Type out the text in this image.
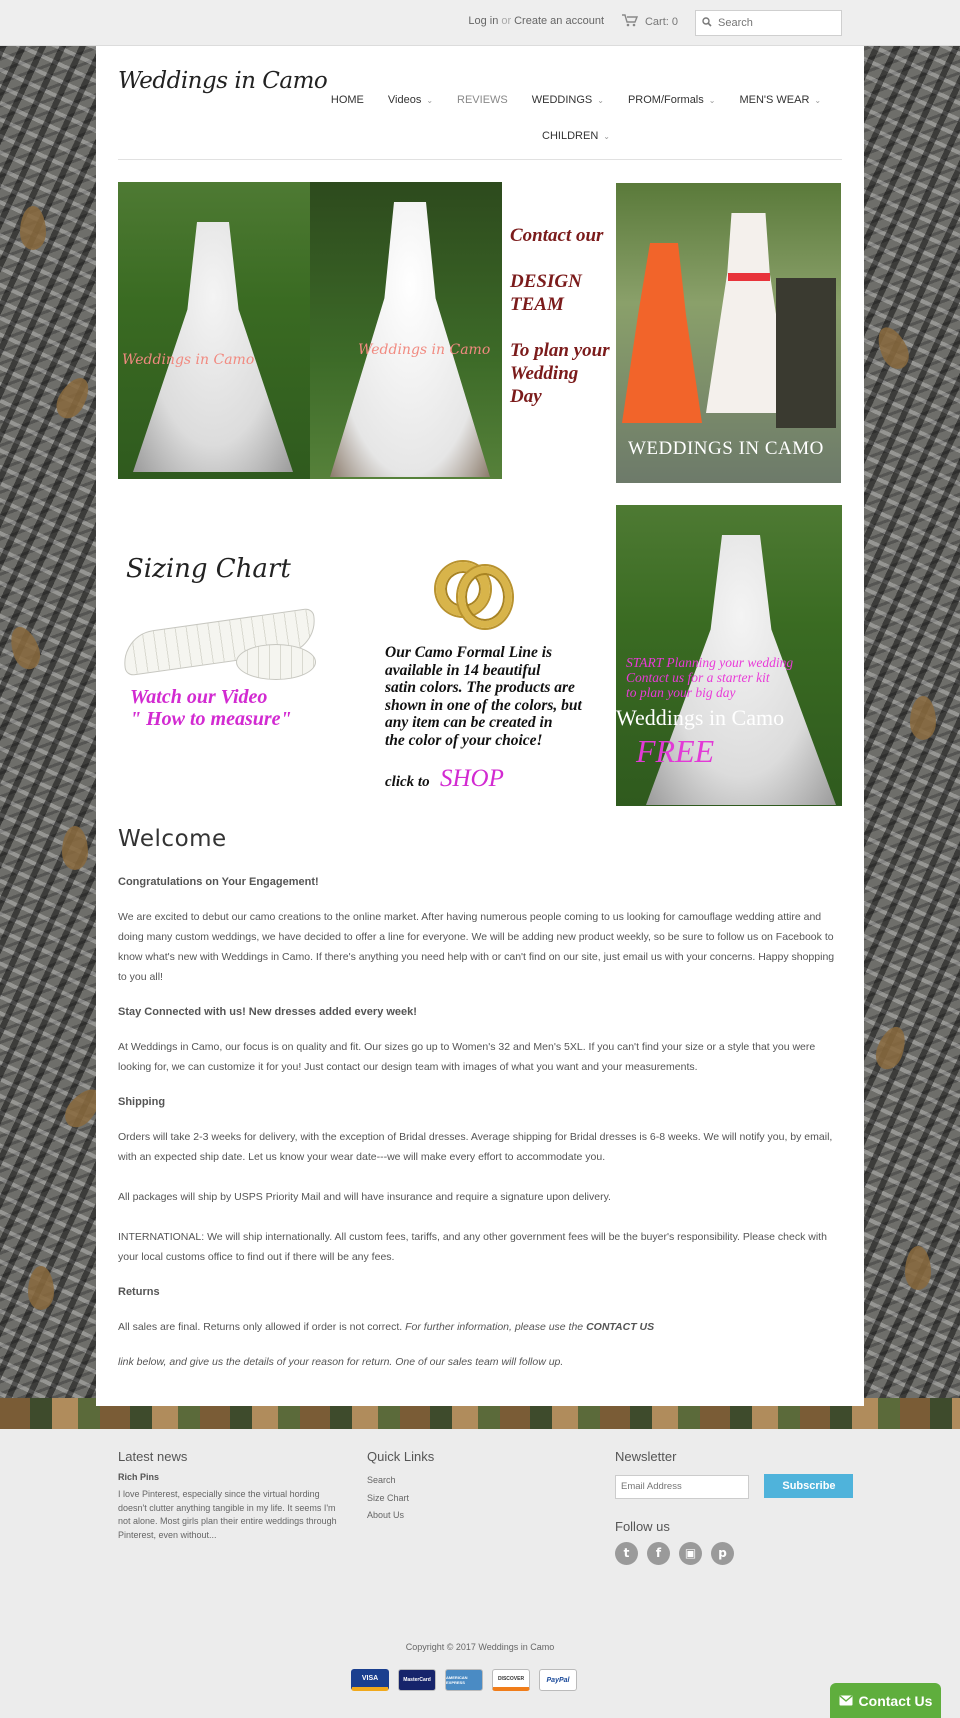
Log in or Create an account	Cart: 0
Search
Weddings in Camo
HOME Videos ⌄ REVIEWS WEDDINGS ⌄ PROM/Formals ⌄ MEN'S WEAR ⌄
CHILDREN ⌄
Weddings in Camo
Weddings in Camo
Contact our

DESIGN
TEAM

To plan your
Wedding
Day
WEDDINGS IN CAMO
Sizing Chart
Watch our Video
" How to measure"
Our Camo Formal Line is
available in 14 beautiful
satin colors. The products are
shown in one of the colors, but
any item can be created in
the color of your choice!
click to SHOP
START Planning your wedding
Contact us for a starter kit
to plan your big day
Weddings in Camo
FREE
Welcome

Congratulations on Your Engagement!

We are excited to debut our camo creations to the online market. After having numerous people coming to us looking for camouflage wedding attire and doing many custom weddings, we have decided to offer a line for everyone. We will be adding new product weekly, so be sure to follow us on Facebook to know what's new with Weddings in Camo. If there's anything you need help with or can't find on our site, just email us with your concerns. Happy shopping to you all!

Stay Connected with us! New dresses added every week!

At Weddings in Camo, our focus is on quality and fit. Our sizes go up to Women's 32 and Men's 5XL. If you can't find your size or a style that you were looking for, we can customize it for you! Just contact our design team with images of what you want and your measurements.

Shipping

Orders will take 2-3 weeks for delivery, with the exception of Bridal dresses. Average shipping for Bridal dresses is 6-8 weeks. We will notify you, by email, with an expected ship date. Let us know your wear date---we will make every effort to accommodate you.

All packages will ship by USPS Priority Mail and will have insurance and require a signature upon delivery.

INTERNATIONAL: We will ship internationally. All custom fees, tariffs, and any other government fees will be the buyer's responsibility. Please check with your local customs office to find out if there will be any fees.

Returns

All sales are final. Returns only allowed if order is not correct. For further information, please use the CONTACT US

link below, and give us the details of your reason for return. One of our sales team will follow up.

Latest news
Rich Pins
I love Pinterest, especially since the virtual hording doesn't clutter anything tangible in my life. It seems I'm not alone. Most girls plan their entire weddings through Pinterest, even without...
Quick Links
Search
Size Chart
About Us
Newsletter
Email Address Subscribe
Follow us
t	f	▣	p
Copyright © 2017 Weddings in Camo
VISA	MasterCard	AMERICAN EXPRESS
DISCOVER	PayPal
Contact Us
